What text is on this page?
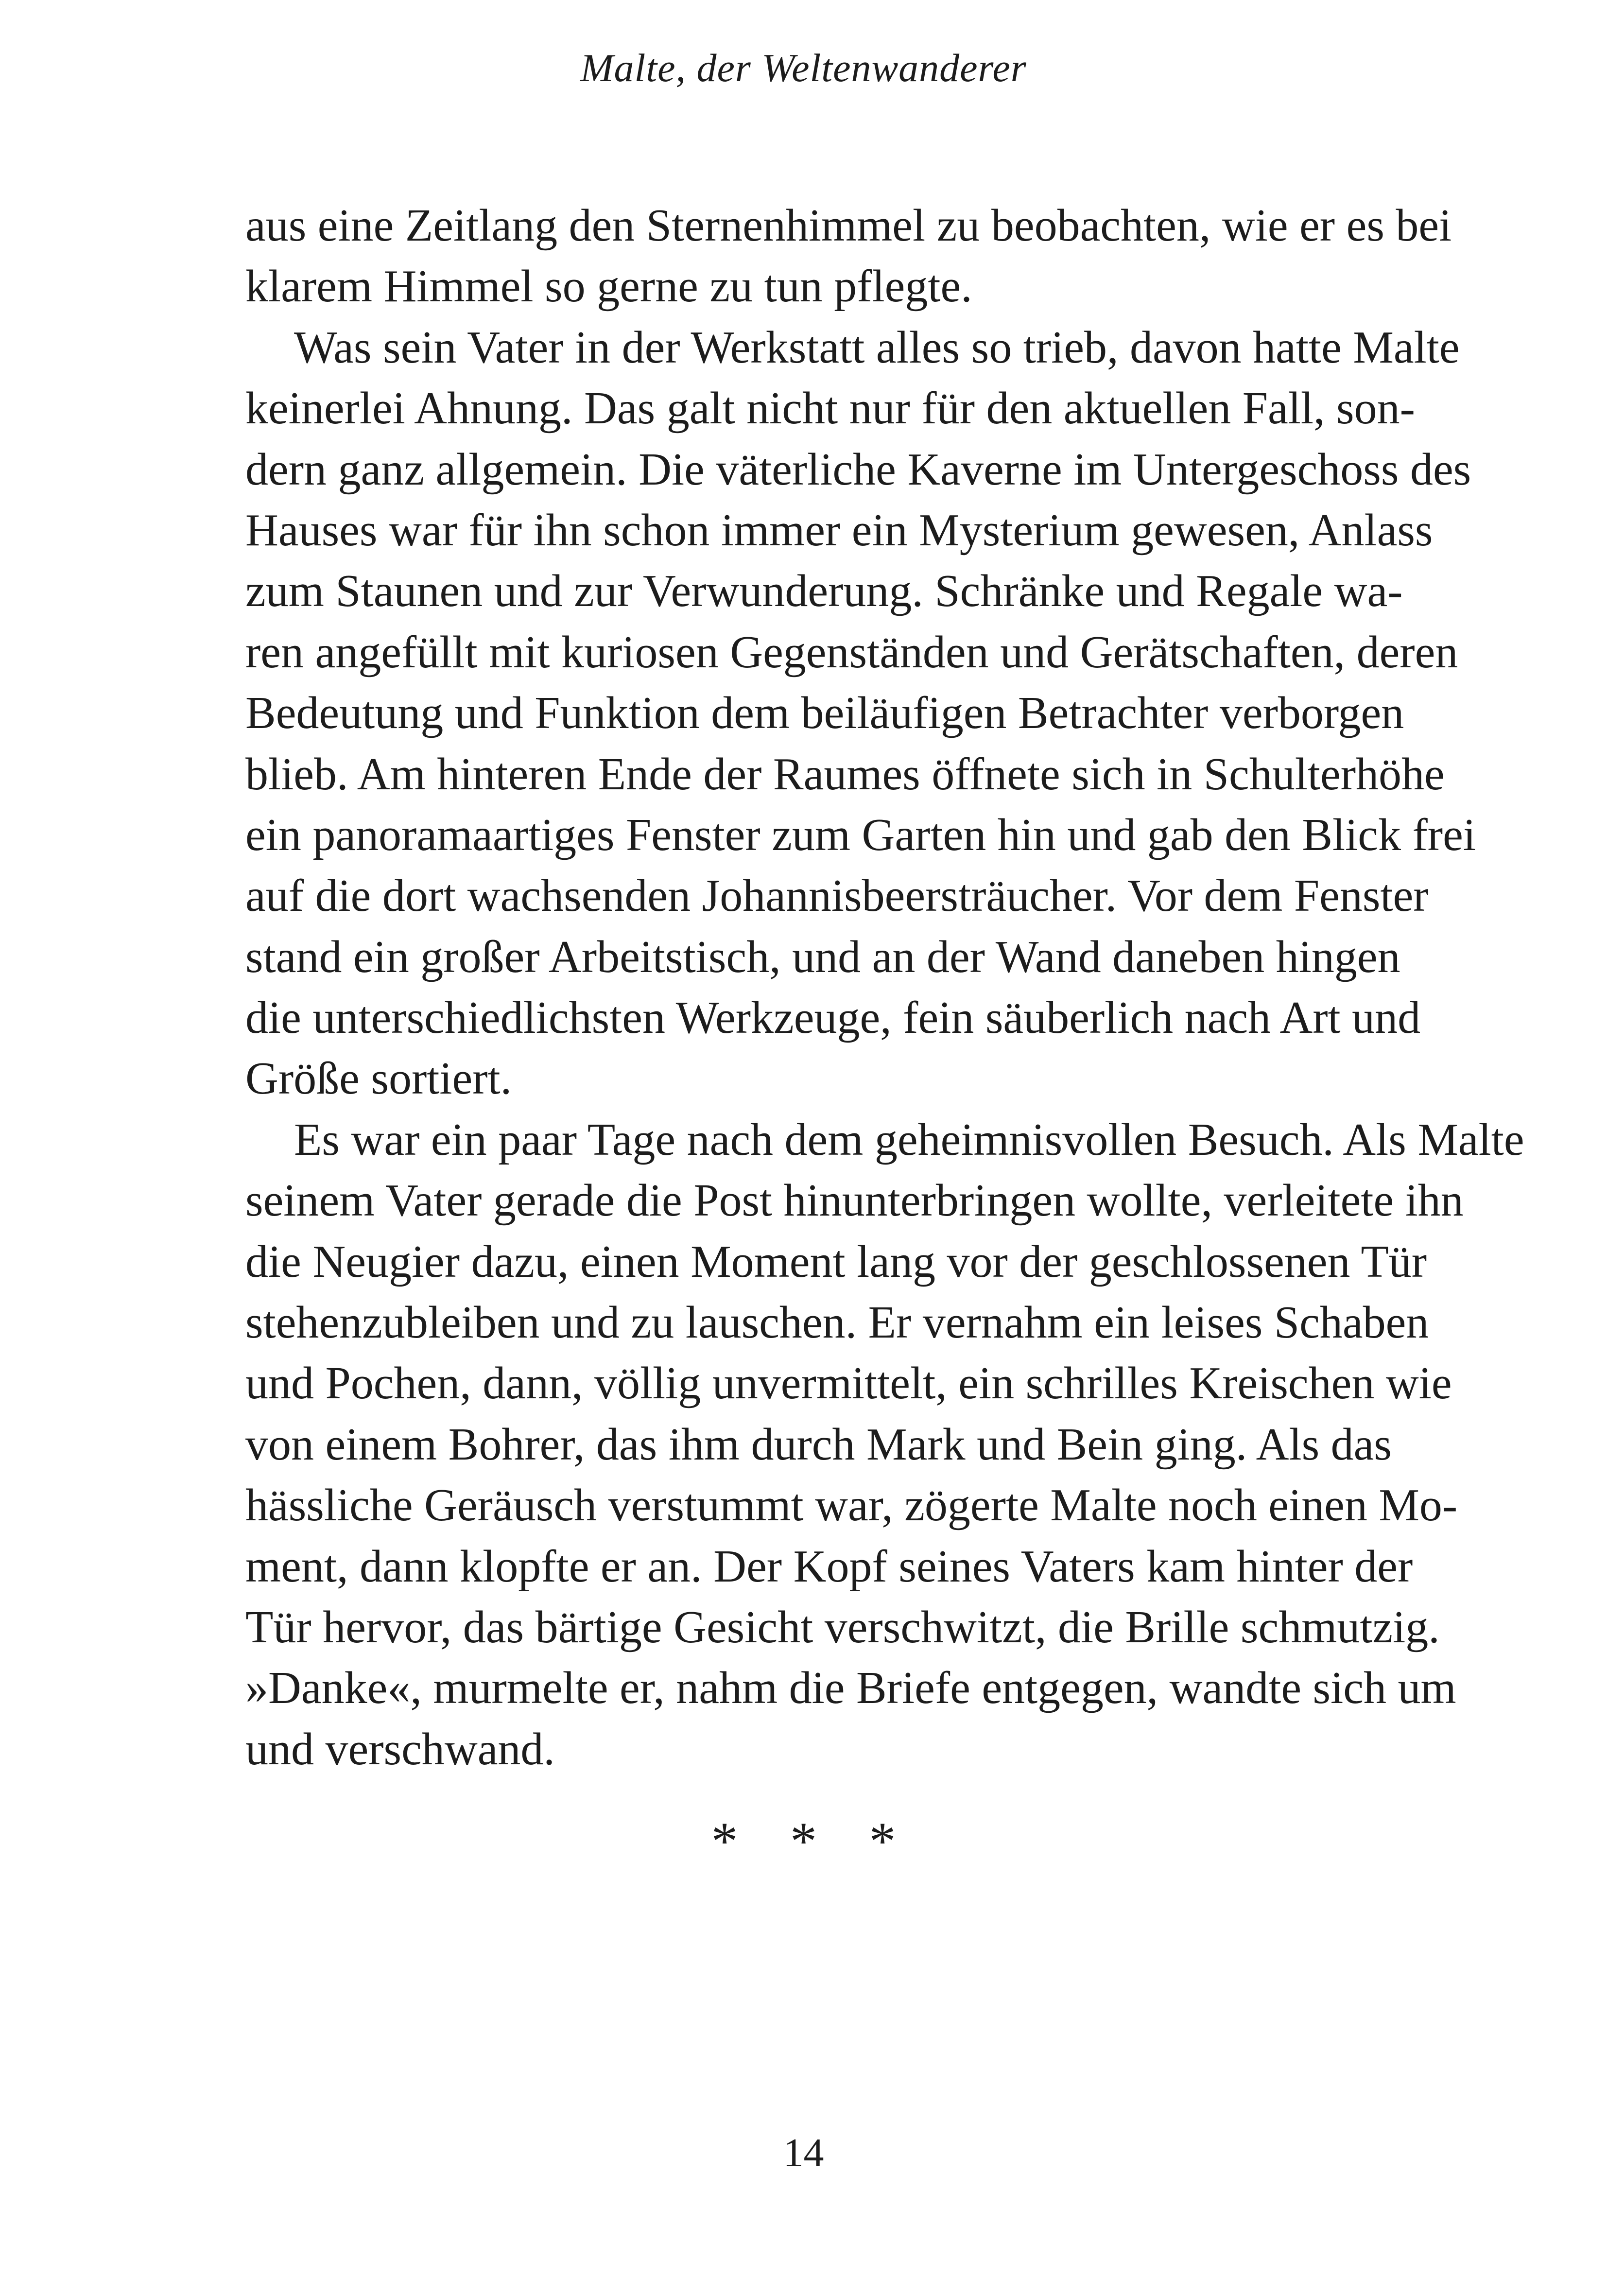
Malte, der Weltenwanderer
aus eine Zeitlang den Sternenhimmel zu beobachten, wie er es bei
klarem Himmel so gerne zu tun pflegte.
Was sein Vater in der Werkstatt alles so trieb, davon hatte Malte
keinerlei Ahnung. Das galt nicht nur für den aktuellen Fall, son-
dern ganz allgemein. Die väterliche Kaverne im Untergeschoss des
Hauses war für ihn schon immer ein Mysterium gewesen, Anlass
zum Staunen und zur Verwunderung. Schränke und Regale wa-
ren angefüllt mit kuriosen Gegenständen und Gerätschaften, deren
Bedeutung und Funktion dem beiläufigen Betrachter verborgen
blieb. Am hinteren Ende der Raumes öffnete sich in Schulterhöhe
ein panoramaartiges Fenster zum Garten hin und gab den Blick frei
auf die dort wachsenden Johannisbeersträucher. Vor dem Fenster
stand ein großer Arbeitstisch, und an der Wand daneben hingen
die unterschiedlichsten Werkzeuge, fein säuberlich nach Art und
Größe sortiert.
Es war ein paar Tage nach dem geheimnisvollen Besuch. Als Malte
seinem Vater gerade die Post hinunterbringen wollte, verleitete ihn
die Neugier dazu, einen Moment lang vor der geschlossenen Tür
stehenzubleiben und zu lauschen. Er vernahm ein leises Schaben
und Pochen, dann, völlig unvermittelt, ein schrilles Kreischen wie
von einem Bohrer, das ihm durch Mark und Bein ging. Als das
hässliche Geräusch verstummt war, zögerte Malte noch einen Mo-
ment, dann klopfte er an. Der Kopf seines Vaters kam hinter der
Tür hervor, das bärtige Gesicht verschwitzt, die Brille schmutzig.
»Danke«, murmelte er, nahm die Briefe entgegen, wandte sich um
und verschwand.
* * *
14
